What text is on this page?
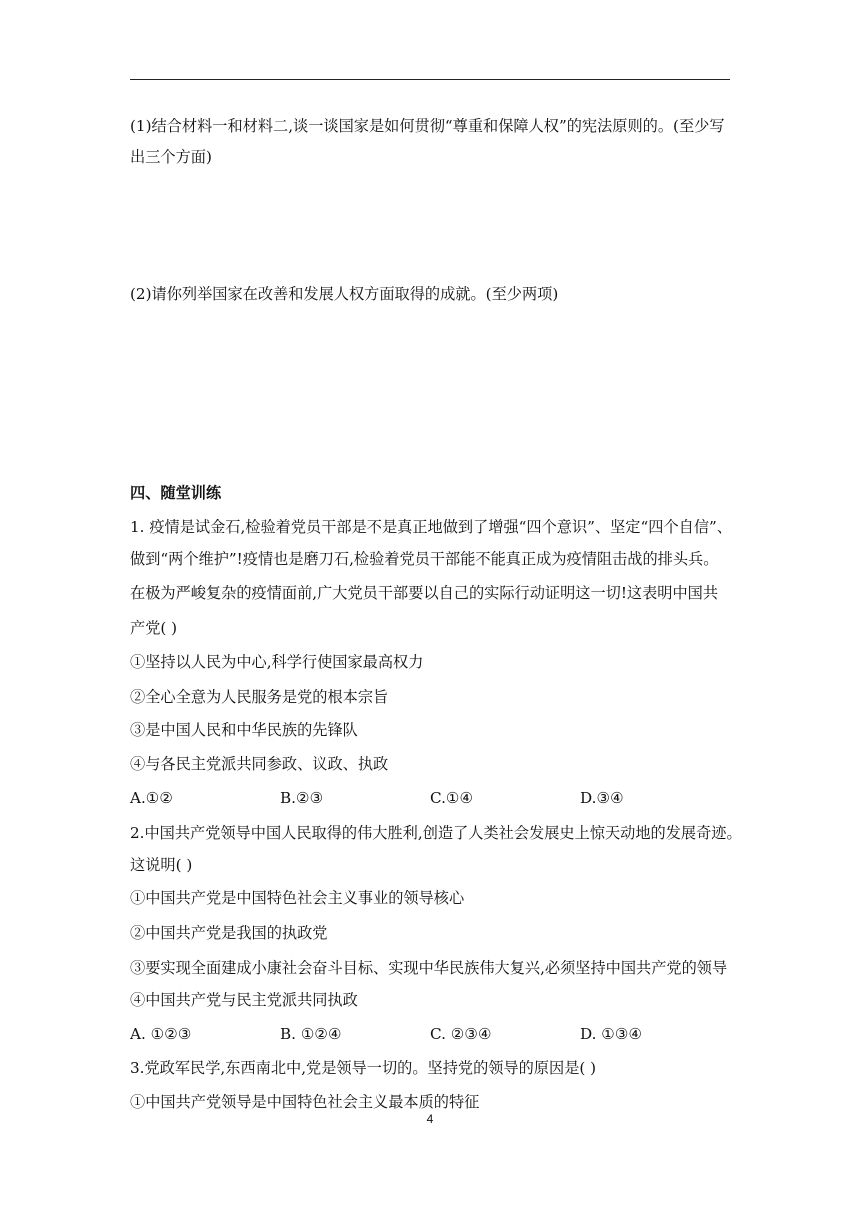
(1)结合材料一和材料二,谈一谈国家是如何贯彻“尊重和保障人权”的宪法原则的。(至少写
出三个方面)
(2)请你列举国家在改善和发展人权方面取得的成就。(至少两项)
四、随堂训练
1. 疫情是试金石,检验着党员干部是不是真正地做到了增强“四个意识”、坚定“四个自信”、
做到“两个维护”!疫情也是磨刀石,检验着党员干部能不能真正成为疫情阻击战的排头兵。
在极为严峻复杂的疫情面前,广大党员干部要以自己的实际行动证明这一切!这表明中国共
产党( )
①坚持以人民为中心,科学行使国家最高权力
②全心全意为人民服务是党的根本宗旨
③是中国人民和中华民族的先锋队
④与各民主党派共同参政、议政、执政
A.①②	B.②③	C.①④	D.③④
2.中国共产党领导中国人民取得的伟大胜利,创造了人类社会发展史上惊天动地的发展奇迹。
这说明( )
①中国共产党是中国特色社会主义事业的领导核心
②中国共产党是我国的执政党
③要实现全面建成小康社会奋斗目标、实现中华民族伟大复兴,必须坚持中国共产党的领导
④中国共产党与民主党派共同执政
A. ①②③	B. ①②④	C. ②③④	D. ①③④
3.党政军民学,东西南北中,党是领导一切的。坚持党的领导的原因是( )
①中国共产党领导是中国特色社会主义最本质的特征
4
